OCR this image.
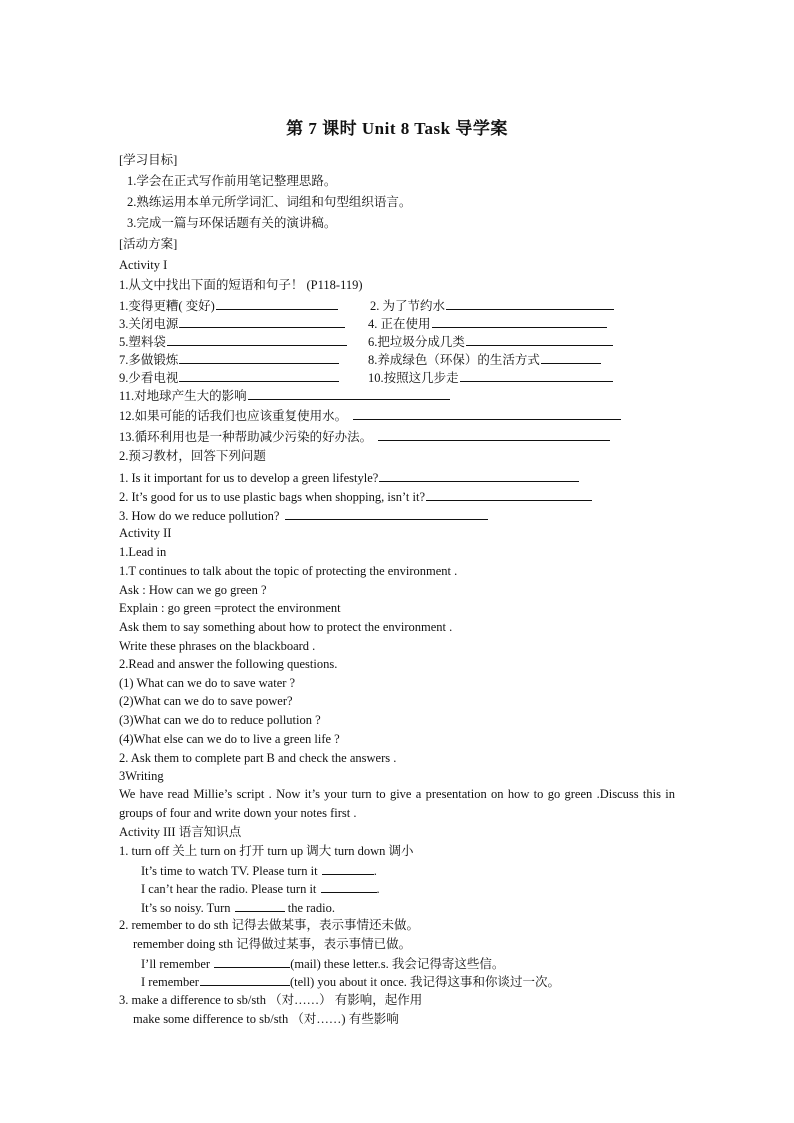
第 7 课时 Unit 8 Task 导学案
[学习目标]
1.学会在正式写作前用笔记整理思路。
2.熟练运用本单元所学词汇、词组和句型组织语言。
3.完成一篇与环保话题有关的演讲稿。
[活动方案]
Activity I
1.从文中找出下面的短语和句子！ (P118-119)
1.变得更糟( 变好)	2. 为了节约水
3.关闭电源	4. 正在使用
5.塑料袋	6.把垃圾分成几类
7.多做锻炼	8.养成绿色（环保）的生活方式
9.少看电视	10.按照这几步走
11.对地球产生大的影响
12.如果可能的话我们也应该重复使用水。
13.循环利用也是一种帮助减少污染的好办法。
2.预习教材，回答下列问题
1. Is it important for us to develop a green lifestyle?
2. It’s good for us to use plastic bags when shopping, isn’t it?
3. How do we reduce pollution?
Activity II
1.Lead in
1.T continues to talk about the topic of protecting the environment .
Ask : How can we go green ?
Explain : go green =protect the environment
Ask them to say something about how to protect the environment .
Write these phrases on the blackboard .
2.Read and answer the following questions.
(1) What can we do to save water ?
(2)What can we do to save power?
(3)What can we do to reduce pollution ?
(4)What else can we do to live a green life ?
2. Ask them to complete part B and check the answers .
3Writing
We have read Millie’s script . Now it’s your turn to give a presentation on how to go green .Discuss this in groups of four and write down your notes first .
Activity III 语言知识点
1. turn off 关上 turn on 打开 turn up 调大 turn down 调小
It’s time to watch TV. Please turn it	.
I can’t hear the radio. Please turn it	.
It’s so noisy. Turn	the radio.
2. remember to do sth 记得去做某事，表示事情还未做。
remember doing sth 记得做过某事，表示事情已做。
I’ll remember	(mail) these letter.s. 我会记得寄这些信。
I remember	(tell) you about it once. 我记得这事和你谈过一次。
3. make a difference to sb/sth （对……） 有影响，起作用
make some difference to sb/sth （对……) 有些影响
